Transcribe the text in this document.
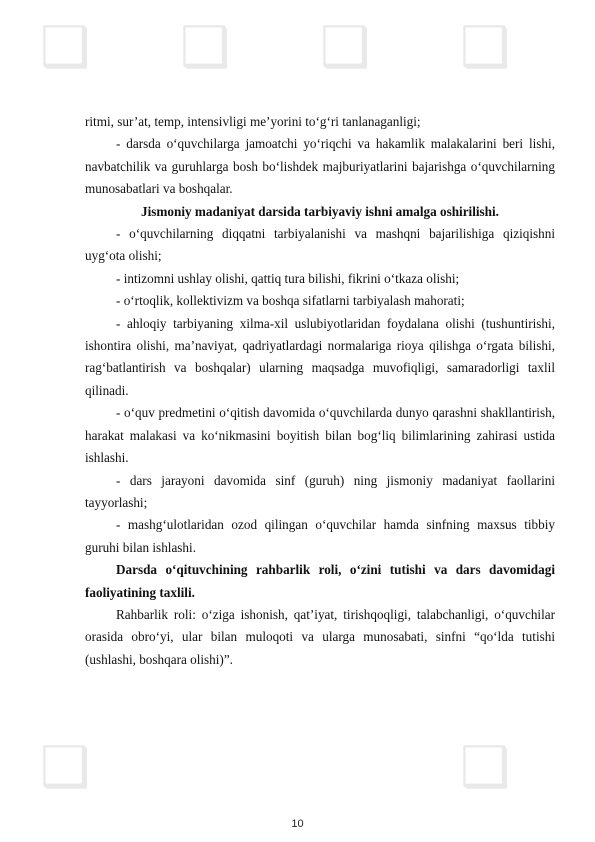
❑ ❑ ❑ ❑
❑	❑

ritmi, sur’at, temp, intensivligi me’yorini to‘g‘ri tanlanaganligi;

- darsda o‘quvchilarga jamoatchi yo‘riqchi va hakamlik malakalarini beri lishi, navbatchilik va guruhlarga bosh bo‘lishdek majburiyatlarini bajarishga o‘quvchilarning munosabatlari va boshqalar.

Jismoniy madaniyat darsida tarbiyaviy ishni amalga oshirilishi.

- o‘quvchilarning diqqatni tarbiyalanishi va mashqni bajarilishiga qiziqishni uyg‘ota olishi;

- intizomni ushlay olishi, qattiq tura bilishi, fikrini o‘tkaza olishi;

- o‘rtoqlik, kollektivizm va boshqa sifatlarni tarbiyalash mahorati;

- ahloqiy tarbiyaning xilma-xil uslubiyotlaridan foydalana olishi (tushuntirishi, ishontira olishi, ma’naviyat, qadriyatlardagi normalariga rioya qilishga o‘rgata bilishi, rag‘batlantirish va boshqalar) ularning maqsadga muvofiqligi, samaradorligi taxlil qilinadi.

- o‘quv predmetini o‘qitish davomida o‘quvchilarda dunyo qarashni shakllantirish, harakat malakasi va ko‘nikmasini boyitish bilan bog‘liq bilimlarining zahirasi ustida ishlashi.

- dars jarayoni davomida sinf (guruh) ning jismoniy madaniyat faollarini tayyorlashi;

- mashg‘ulotlaridan ozod qilingan o‘quvchilar hamda sinfning maxsus tibbiy guruhi bilan ishlashi.

Darsda o‘qituvchining rahbarlik roli, o‘zini tutishi va dars davomidagi faoliyatining taxlili.

Rahbarlik roli: o‘ziga ishonish, qat’iyat, tirishqoqligi, talabchanligi, o‘quvchilar orasida obro‘yi, ular bilan muloqoti va ularga munosabati, sinfni “qo‘lda tutishi (ushlashi, boshqara olishi)”.

10
